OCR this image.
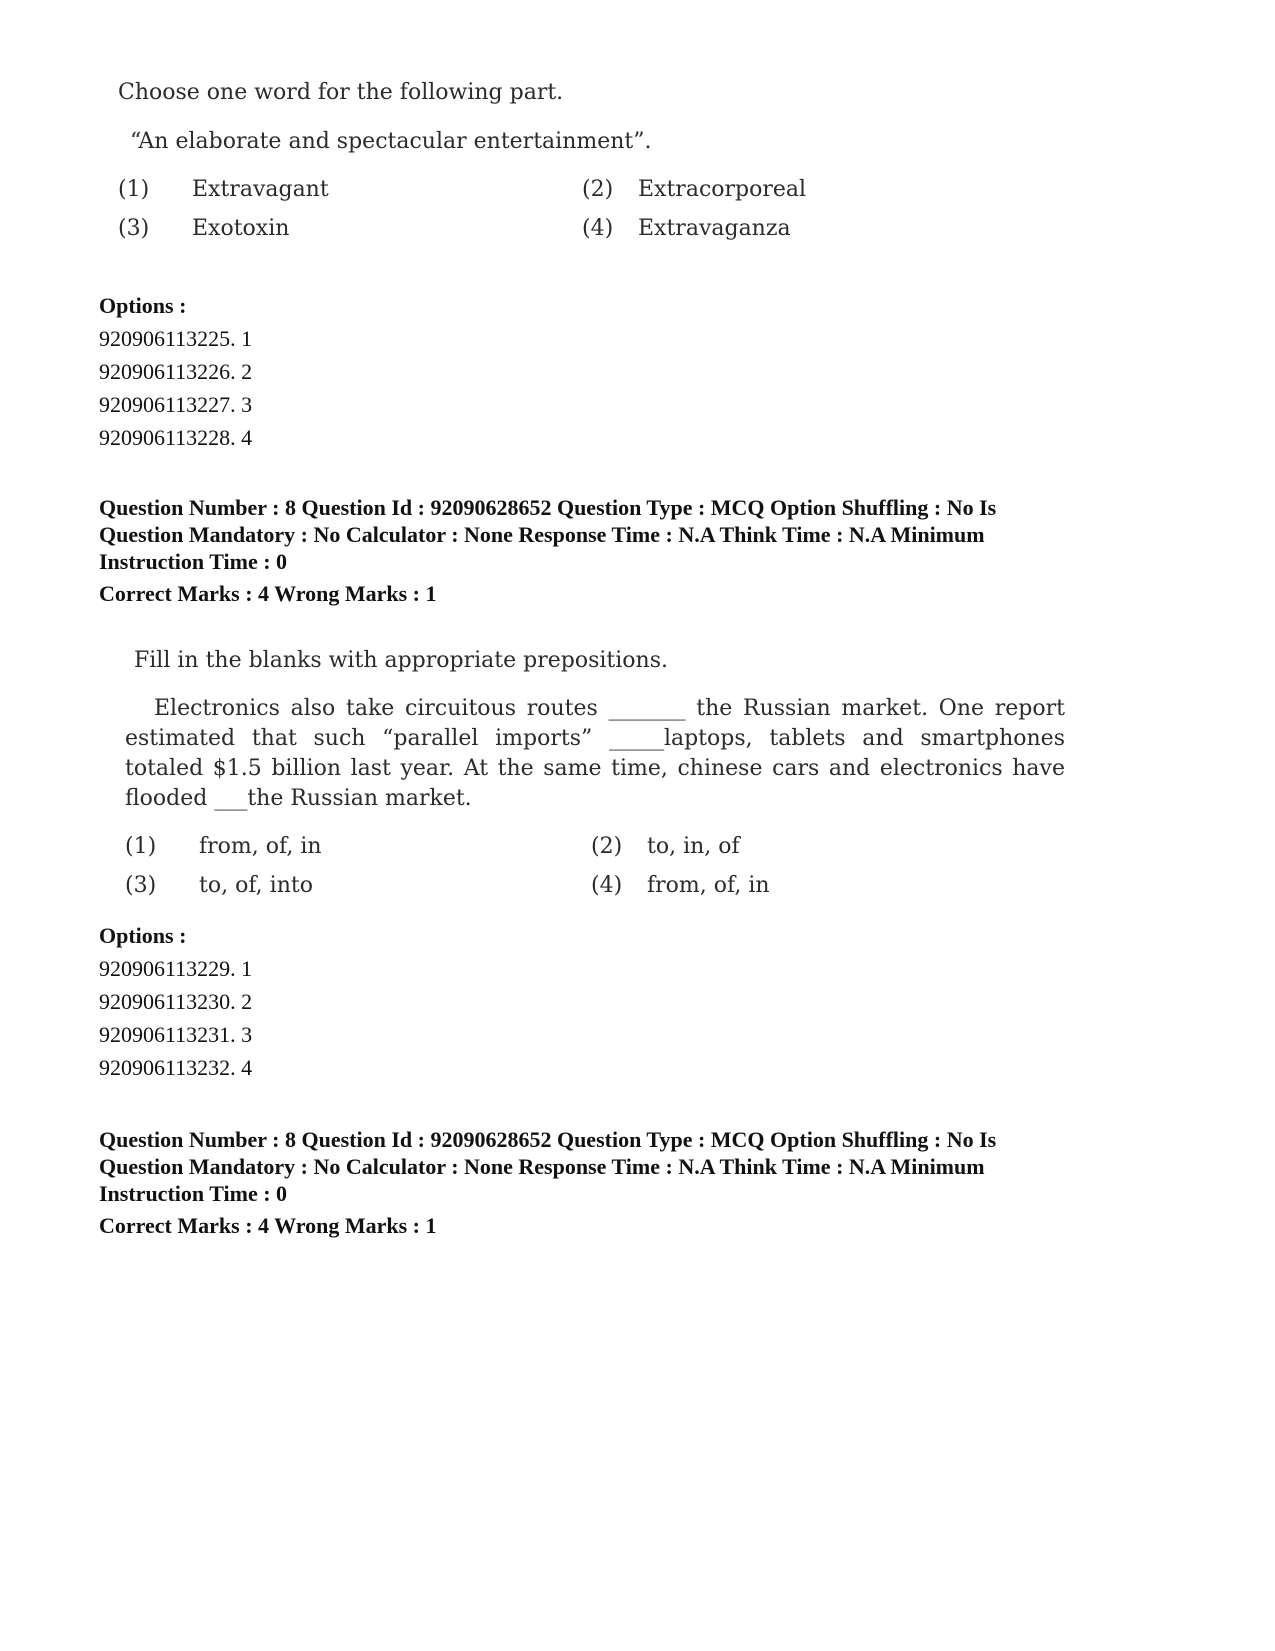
Choose one word for the following part.

“An elaborate and spectacular entertainment”.

(1)	Extravagant	(2)	Extracorporeal
(3)	Exotoxin	(4)	Extravaganza
Options :
920906113225. 1
920906113226. 2
920906113227. 3
920906113228. 4
Question Number : 8 Question Id : 92090628652 Question Type : MCQ Option Shuffling : No Is
Question Mandatory : No Calculator : None Response Time : N.A Think Time : N.A Minimum
Instruction Time : 0
Correct Marks : 4 Wrong Marks : 1

Fill in the blanks with appropriate prepositions.

Electronics also take circuitous routes _______ the Russian market. One report estimated that such “parallel imports” _____laptops, tablets and smartphones totaled $1.5 billion last year. At the same time, chinese cars and electronics have flooded ___the Russian market.

(1)	from, of, in	(2)	to, in, of
(3)	to, of, into	(4)	from, of, in
Options :
920906113229. 1
920906113230. 2
920906113231. 3
920906113232. 4
Question Number : 8 Question Id : 92090628652 Question Type : MCQ Option Shuffling : No Is
Question Mandatory : No Calculator : None Response Time : N.A Think Time : N.A Minimum
Instruction Time : 0
Correct Marks : 4 Wrong Marks : 1
